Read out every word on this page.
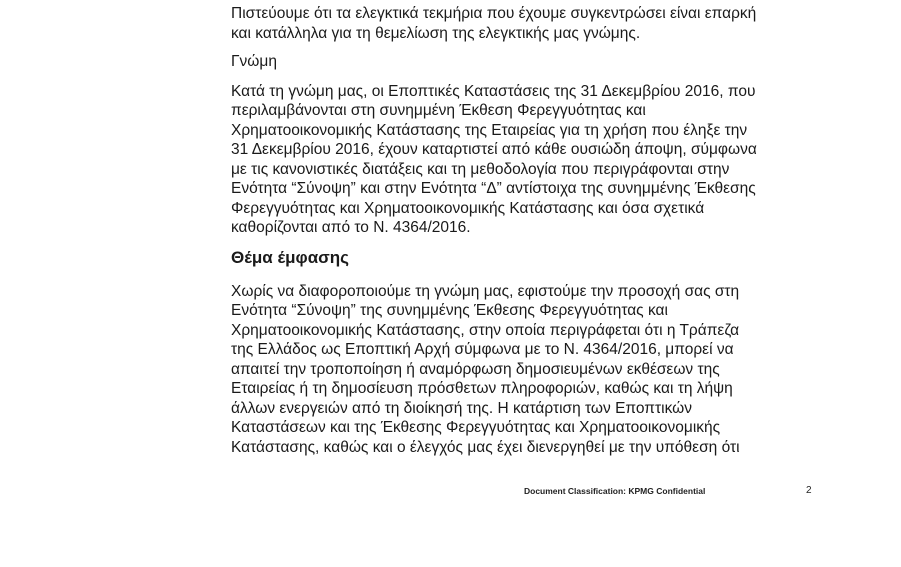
Πιστεύουμε ότι τα ελεγκτικά τεκμήρια που έχουμε συγκεντρώσει είναι επαρκή
και κατάλληλα για τη θεμελίωση της ελεγκτικής μας γνώμης.

Γνώμη

Κατά τη γνώμη μας, οι Εποπτικές Καταστάσεις της 31 Δεκεμβρίου 2016, που
περιλαμβάνονται στη συνημμένη Έκθεση Φερεγγυότητας και
Χρηματοοικονομικής Κατάστασης της Εταιρείας για τη χρήση που έληξε την
31 Δεκεμβρίου 2016, έχουν καταρτιστεί από κάθε ουσιώδη άποψη, σύμφωνα
με τις κανονιστικές διατάξεις και τη μεθοδολογία που περιγράφονται στην
Ενότητα “Σύνοψη” και στην Ενότητα “Δ” αντίστοιχα της συνημμένης Έκθεσης
Φερεγγυότητας και Χρηματοοικονομικής Κατάστασης και όσα σχετικά
καθορίζονται από το Ν. 4364/2016.

Θέμα έμφασης

Χωρίς να διαφοροποιούμε τη γνώμη μας, εφιστούμε την προσοχή σας στη
Ενότητα “Σύνοψη” της συνημμένης Έκθεσης Φερεγγυότητας και
Χρηματοοικονομικής Κατάστασης, στην οποία περιγράφεται ότι η Τράπεζα
της Ελλάδος ως Εποπτική Αρχή σύμφωνα με το Ν. 4364/2016, μπορεί να
απαιτεί την τροποποίηση ή αναμόρφωση δημοσιευμένων εκθέσεων της
Εταιρείας ή τη δημοσίευση πρόσθετων πληροφοριών, καθώς και τη λήψη
άλλων ενεργειών από τη διοίκησή της. Η κατάρτιση των Εποπτικών
Καταστάσεων και της Έκθεσης Φερεγγυότητας και Χρηματοοικονομικής
Κατάστασης, καθώς και ο έλεγχός μας έχει διενεργηθεί με την υπόθεση ότι

Document Classification: KPMG Confidential	2
